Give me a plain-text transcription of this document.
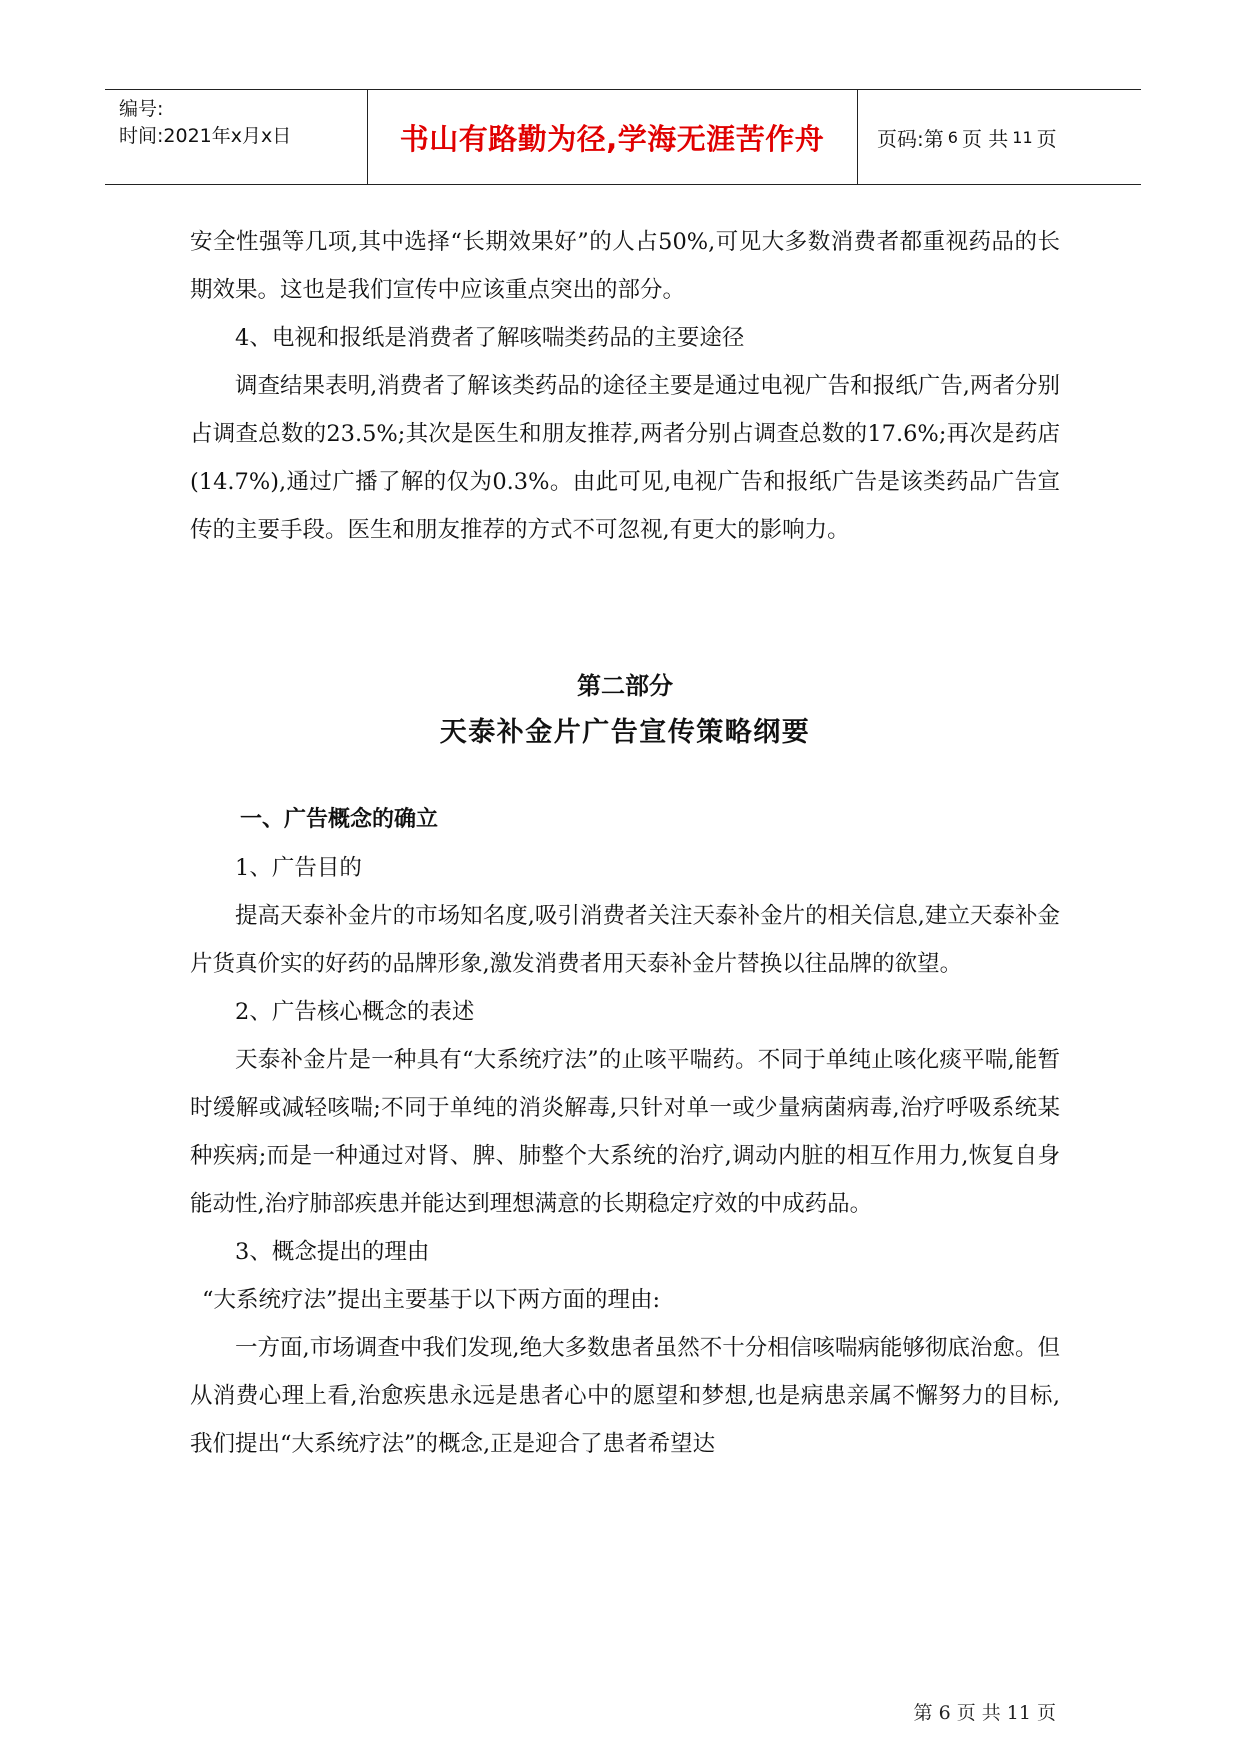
编号:
时间:2021年x月x日	书山有路勤为径,学海无涯苦作舟	页码:第 6 页 共 11 页

安全性强等几项,其中选择“长期效果好”的人占50%,可见大多数消费者都重视药品的长期效果。这也是我们宣传中应该重点突出的部分。

4、电视和报纸是消费者了解咳喘类药品的主要途径

调查结果表明,消费者了解该类药品的途径主要是通过电视广告和报纸广告,两者分别占调查总数的23.5%;其次是医生和朋友推荐,两者分别占调查总数的17.6%;再次是药店(14.7%),通过广播了解的仅为0.3%。由此可见,电视广告和报纸广告是该类药品广告宣传的主要手段。医生和朋友推荐的方式不可忽视,有更大的影响力。

第二部分

天泰补金片广告宣传策略纲要

一、广告概念的确立

1、广告目的

提高天泰补金片的市场知名度,吸引消费者关注天泰补金片的相关信息,建立天泰补金片货真价实的好药的品牌形象,激发消费者用天泰补金片替换以往品牌的欲望。

2、广告核心概念的表述

天泰补金片是一种具有“大系统疗法”的止咳平喘药。不同于单纯止咳化痰平喘,能暂时缓解或减轻咳喘;不同于单纯的消炎解毒,只针对单一或少量病菌病毒,治疗呼吸系统某种疾病;而是一种通过对肾、脾、肺整个大系统的治疗,调动内脏的相互作用力,恢复自身能动性,治疗肺部疾患并能达到理想满意的长期稳定疗效的中成药品。

3、概念提出的理由

“大系统疗法”提出主要基于以下两方面的理由:

一方面,市场调查中我们发现,绝大多数患者虽然不十分相信咳喘病能够彻底治愈。但从消费心理上看,治愈疾患永远是患者心中的愿望和梦想,也是病患亲属不懈努力的目标,我们提出“大系统疗法”的概念,正是迎合了患者希望达

第 6 页 共 11 页
